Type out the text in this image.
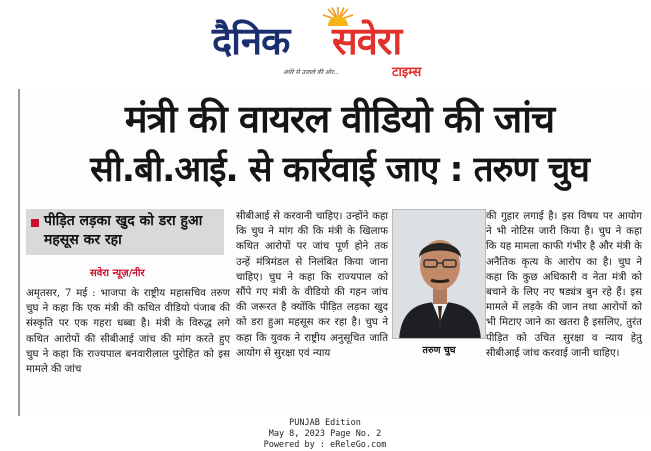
दैनिक सवेरा
अंधेरे से उजाले की ओर...	टाइम्स
मंत्री की वायरल वीडियो की जांच
सी.बी.आई. से कार्रवाई जाए : तरुण चुघ
पीड़ित लड़का खुद को डरा हुआ महसूस कर रहा
सवेरा न्यूज़/नीर
अमृतसर, 7 मई : भाजपा के राष्ट्रीय महासचिव तरुण चुघ ने कहा कि एक मंत्री की कथित वीडियो पंजाब की संस्कृति पर एक गहरा धब्बा है। मंत्री के विरुद्ध लगे कथित आरोपों की सीबीआई जांच की मांग करते हुए चुघ ने कहा कि राज्यपाल बनवारीलाल पुरोहित को इस मामले की जांच
सीबीआई से करवानी चाहिए। उन्होंने कहा कि चुघ ने मांग की कि मंत्री के खिलाफ कथित आरोपों पर जांच पूर्ण होने तक उन्हें मंत्रिमंडल से निलंबित किया जाना चाहिए। चुघ ने कहा कि राज्यपाल को सौंपे गए मंत्री के वीडियो की गहन जांच की जरूरत है क्योंकि पीड़ित लड़का खुद को डरा हुआ महसूस कर रहा है। चुघ ने कहा कि युवक ने राष्ट्रीय अनुसूचित जाति आयोग से सुरक्षा एवं न्याय	तरुण चुघ
की गुहार लगाई है। इस विषय पर आयोग ने भी नोटिस जारी किया है। चुघ ने कहा कि यह मामला काफी गंभीर है और मंत्री के अनैतिक कृत्य के आरोप का है। चुघ ने कहा कि कुछ अधिकारी व नेता मंत्री को बचाने के लिए नए षड्यंत्र बुन रहे हैं। इस मामले में लड़के की जान तथा आरोपों को भी मिटाए जाने का खतरा है इसलिए, तुरंत पीड़ित को उचित सुरक्षा व न्याय हेतु सीबीआई जांच करवाई जानी चाहिए।
PUNJAB Edition
May 8, 2023 Page No. 2
Powered by : eReleGo.com
